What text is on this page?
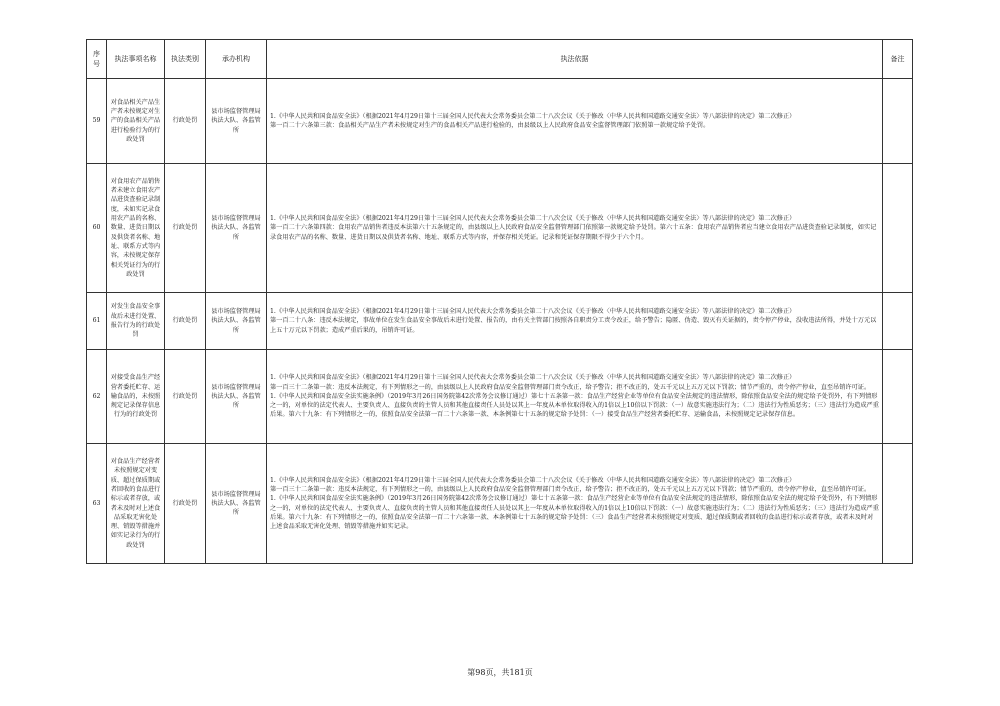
序号	执法事项名称	执法类别	承办机构	执法依据	备注
59	对食品相关产品生产者未按规定对生产的食品相关产品进行检验行为的行政处罚	行政处罚	县市场监督管理局执法大队、各监管所	1.《中华人民共和国食品安全法》（根据2021年4月29日第十三届全国人民代表大会常务委员会第二十八次会议《关于修改〈中华人民共和国道路交通安全法〉等八部法律的决定》第二次修正）

第一百二十六条第三款：食品相关产品生产者未按规定对生产的食品相关产品进行检验的，由县级以上人民政府食品安全监督管理部门依照第一款规定给予处罚。	

60	对食用农产品销售者未建立食用农产品进货查验记录制度，未如实记录食用农产品的名称、数量、进货日期以及供货者名称、地址、联系方式等内容，未按规定保存相关凭证行为的行政处罚	行政处罚	县市场监督管理局执法大队、各监管所	1.《中华人民共和国食品安全法》（根据2021年4月29日第十三届全国人民代表大会常务委员会第二十八次会议《关于修改〈中华人民共和国道路交通安全法〉等八部法律的决定》第二次修正）

第一百二十六条第四款：食用农产品销售者违反本法第六十五条规定的，由县级以上人民政府食品安全监督管理部门依照第一款规定给予处罚。第六十五条：食用农产品销售者应当建立食用农产品进货查验记录制度，如实记录食用农产品的名称、数量、进货日期以及供货者名称、地址、联系方式等内容，并保存相关凭证。记录和凭证保存期限不得少于六个月。	

61	对发生食品安全事故后未进行处置、报告行为的行政处罚	行政处罚	县市场监督管理局执法大队、各监管所	1.《中华人民共和国食品安全法》（根据2021年4月29日第十三届全国人民代表大会常务委员会第二十八次会议《关于修改〈中华人民共和国道路交通安全法〉等八部法律的决定》第二次修正）

第一百二十八条：违反本法规定，事故单位在发生食品安全事故后未进行处置、报告的，由有关主管部门按照各自职责分工责令改正，给予警告；隐匿、伪造、毁灭有关证据的，责令停产停业，没收违法所得，并处十万元以上五十万元以下罚款；造成严重后果的，吊销许可证。	

62	对接受食品生产经营者委托贮存、运输食品的，未按照规定记录保存信息行为的行政处罚	行政处罚	县市场监督管理局执法大队、各监管所	1.《中华人民共和国食品安全法》（根据2021年4月29日第十三届全国人民代表大会常务委员会第二十八次会议《关于修改〈中华人民共和国道路交通安全法〉等八部法律的决定》第二次修正）

第一百三十二条第一款：违反本法规定，有下列情形之一的，由县级以上人民政府食品安全监督管理部门责令改正，给予警告；拒不改正的，处五千元以上五万元以下罚款；情节严重的，责令停产停业，直至吊销许可证。

1.《中华人民共和国食品安全法实施条例》（2019年3月26日国务院第42次常务会议修订通过）第七十五条第一款：食品生产经营企业等单位有食品安全法规定的违法情形，除依照食品安全法的规定给予处罚外，有下列情形之一的，对单位的法定代表人、主要负责人、直接负责的主管人员和其他直接责任人员处以其上一年度从本单位取得收入的1倍以上10倍以下罚款：（一）故意实施违法行为；（二）违法行为性质恶劣；（三）违法行为造成严重后果。第六十九条：有下列情形之一的，依照食品安全法第一百二十六条第一款、本条例第七十五条的规定给予处罚：（一）接受食品生产经营者委托贮存、运输食品，未按照规定记录保存信息。	

63	对食品生产经营者未按照规定对变质、超过保质期或者回收的食品进行标示或者存放，或者未及时对上述食品采取无害化处理、销毁等措施并如实记录行为的行政处罚	行政处罚	县市场监督管理局执法大队、各监管所	1.《中华人民共和国食品安全法》（根据2021年4月29日第十三届全国人民代表大会常务委员会第二十八次会议《关于修改〈中华人民共和国道路交通安全法〉等八部法律的决定》第二次修正）

第一百三十二条第一款：违反本法规定，有下列情形之一的，由县级以上人民政府食品安全监督管理部门责令改正，给予警告；拒不改正的，处五千元以上五万元以下罚款；情节严重的，责令停产停业，直至吊销许可证。

1.《中华人民共和国食品安全法实施条例》（2019年3月26日国务院第42次常务会议修订通过）第七十五条第一款：食品生产经营企业等单位有食品安全法规定的违法情形，除依照食品安全法的规定给予处罚外，有下列情形之一的，对单位的法定代表人、主要负责人、直接负责的主管人员和其他直接责任人员处以其上一年度从本单位取得收入的1倍以上10倍以下罚款：（一）故意实施违法行为；（二）违法行为性质恶劣；（三）违法行为造成严重后果。第六十九条：有下列情形之一的，依照食品安全法第一百二十六条第一款、本条例第七十五条的规定给予处罚：（三）食品生产经营者未按照规定对变质、超过保质期或者回收的食品进行标示或者存放，或者未及时对上述食品采取无害化处理、销毁等措施并如实记录。	

第98页，共181页
